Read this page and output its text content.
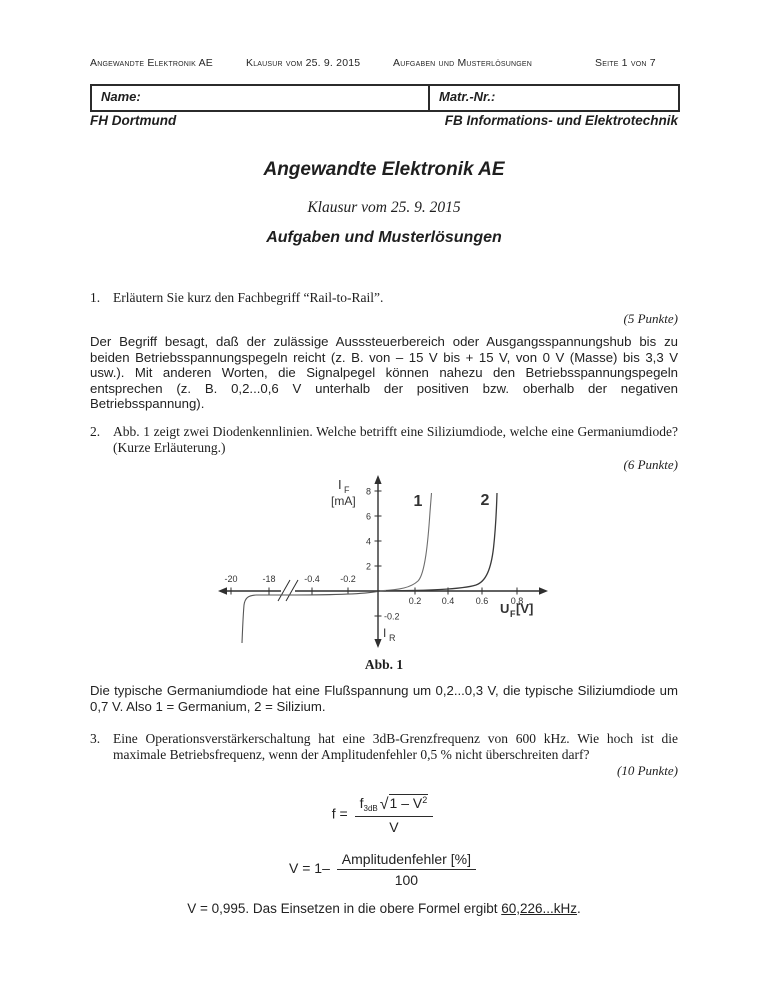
Angewandte Elektronik AE	Klausur vom 25. 9. 2015	Aufgaben und Musterlösungen	Seite 1 von 7
Name:	Matr.-Nr.:
FH Dortmund	FB Informations- und Elektrotechnik
Angewandte Elektronik AE
Klausur vom 25. 9. 2015
Aufgaben und Musterlösungen
1. Erläutern Sie kurz den Fachbegriff “Rail-to-Rail”.
(5 Punkte)
Der Begriff besagt, daß der zulässige Ausssteuerbereich oder Ausgangsspannungshub bis zu beiden Betriebsspannungspegeln reicht (z. B. von – 15 V bis + 15 V, von 0 V (Masse) bis 3,3 V usw.). Mit anderen Worten, die Signalpegel können nahezu den Betriebsspannungspegeln entsprechen (z. B. 0,2...0,6 V unterhalb der positiven bzw. oberhalb der negativen Betriebsspannung).
2. Abb. 1 zeigt zwei Diodenkennlinien. Welche betrifft eine Siliziumdiode, welche eine Germaniumdiode? (Kurze Erläuterung.)
(6 Punkte)
8
6
4
2
-0.2
0.2 0.4 0.6 0.8
-20	-18	-0.4 -0.2
I F
[mA]
U F [V]
I R
1	2
Abb. 1
Die typische Germaniumdiode hat eine Flußspannung um 0,2...0,3 V, die typische Siliziumdiode um 0,7 V. Also 1 = Germanium, 2 = Silizium.
3. Eine Operationsverstärkerschaltung hat eine 3dB-Grenzfrequenz von 600 kHz. Wie hoch ist die maximale Betriebsfrequenz, wenn der Amplitudenfehler 0,5 % nicht überschreiten darf?
(10 Punkte)
$f = \frac{f_{3dB} √1 - V^2}{V}$
$V = 1- \frac{\text{Amplitudenfehler [\%]}}{100}$
V = 0,995. Das Einsetzen in die obere Formel ergibt 60,226...kHz.
